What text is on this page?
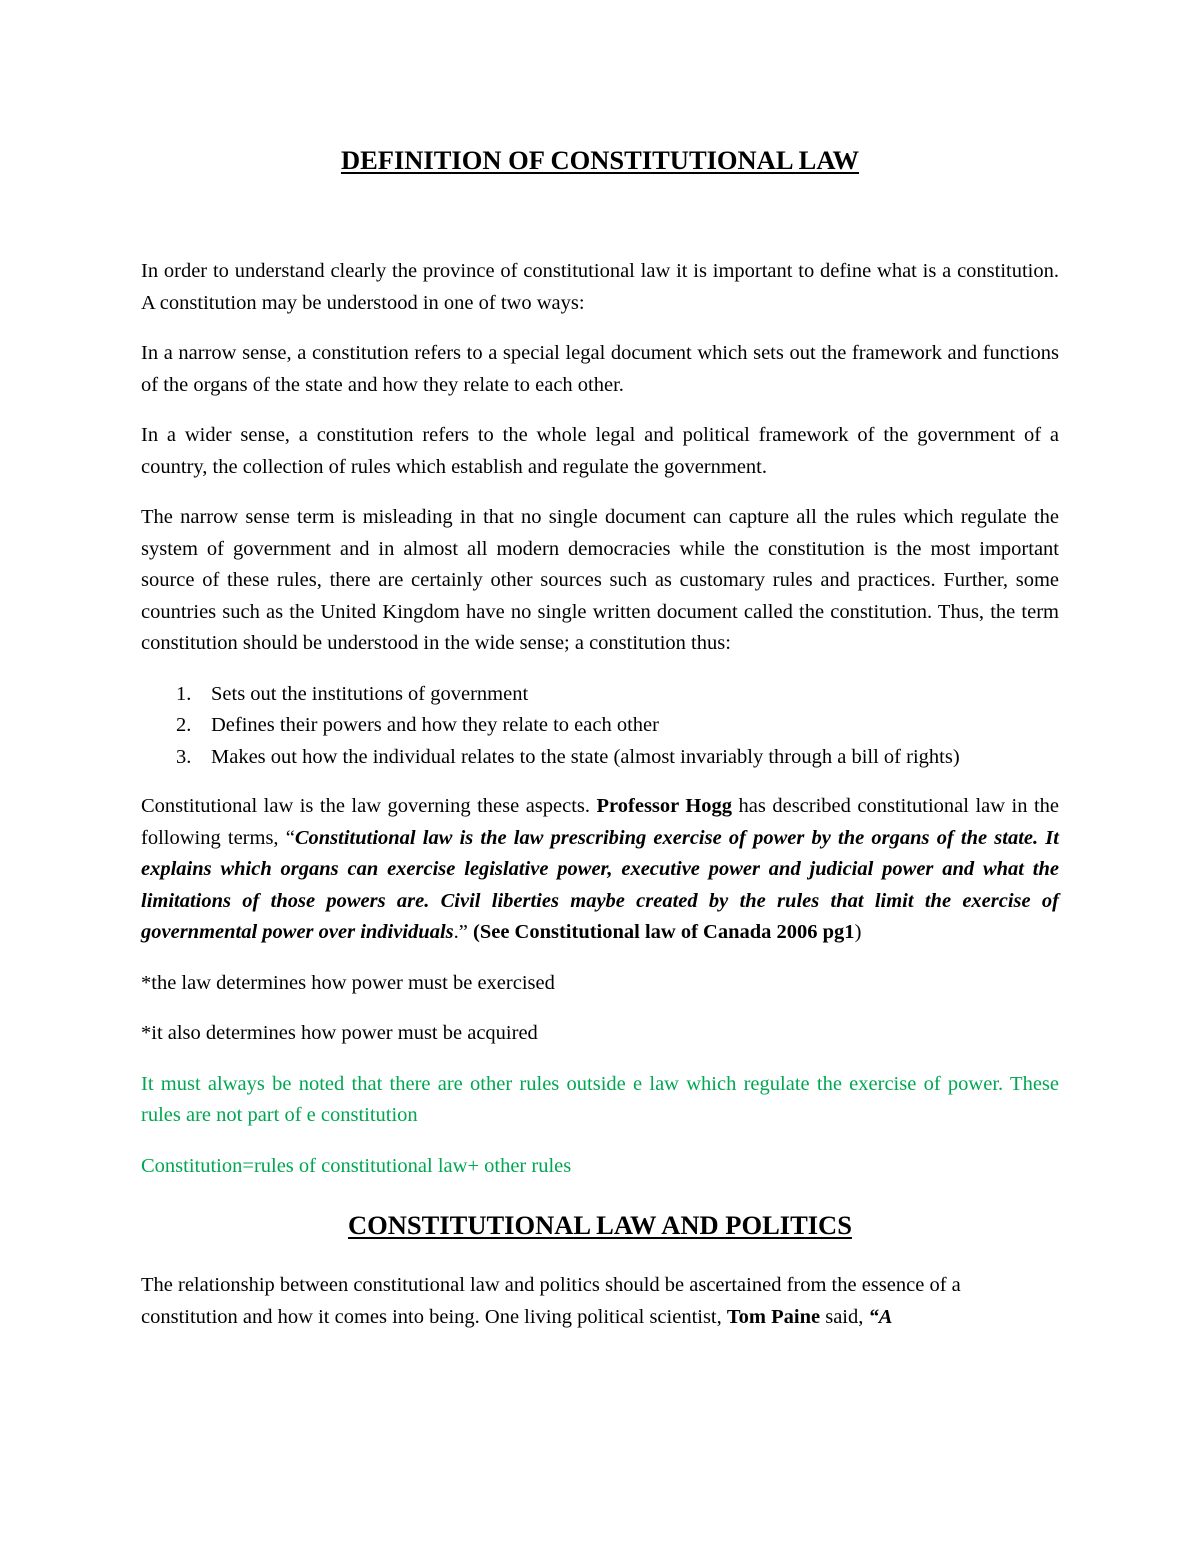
DEFINITION OF CONSTITUTIONAL LAW

In order to understand clearly the province of constitutional law it is important to define what is a constitution. A constitution may be understood in one of two ways:

In a narrow sense, a constitution refers to a special legal document which sets out the framework and functions of the organs of the state and how they relate to each other.

In a wider sense, a constitution refers to the whole legal and political framework of the government of a country, the collection of rules which establish and regulate the government.

The narrow sense term is misleading in that no single document can capture all the rules which regulate the system of government and in almost all modern democracies while the constitution is the most important source of these rules, there are certainly other sources such as customary rules and practices. Further, some countries such as the United Kingdom have no single written document called the constitution. Thus, the term constitution should be understood in the wide sense; a constitution thus:

1. Sets out the institutions of government
2. Defines their powers and how they relate to each other
3. Makes out how the individual relates to the state (almost invariably through a bill of rights)

Constitutional law is the law governing these aspects. Professor Hogg has described constitutional law in the following terms, “Constitutional law is the law prescribing exercise of power by the organs of the state. It explains which organs can exercise legislative power, executive power and judicial power and what the limitations of those powers are. Civil liberties maybe created by the rules that limit the exercise of governmental power over individuals.” (See Constitutional law of Canada 2006 pg1)

*the law determines how power must be exercised

*it also determines how power must be acquired

It must always be noted that there are other rules outside e law which regulate the exercise of power. These rules are not part of e constitution

Constitution=rules of constitutional law+ other rules

CONSTITUTIONAL LAW AND POLITICS

The relationship between constitutional law and politics should be ascertained from the essence of a constitution and how it comes into being. One living political scientist, Tom Paine said, “A
